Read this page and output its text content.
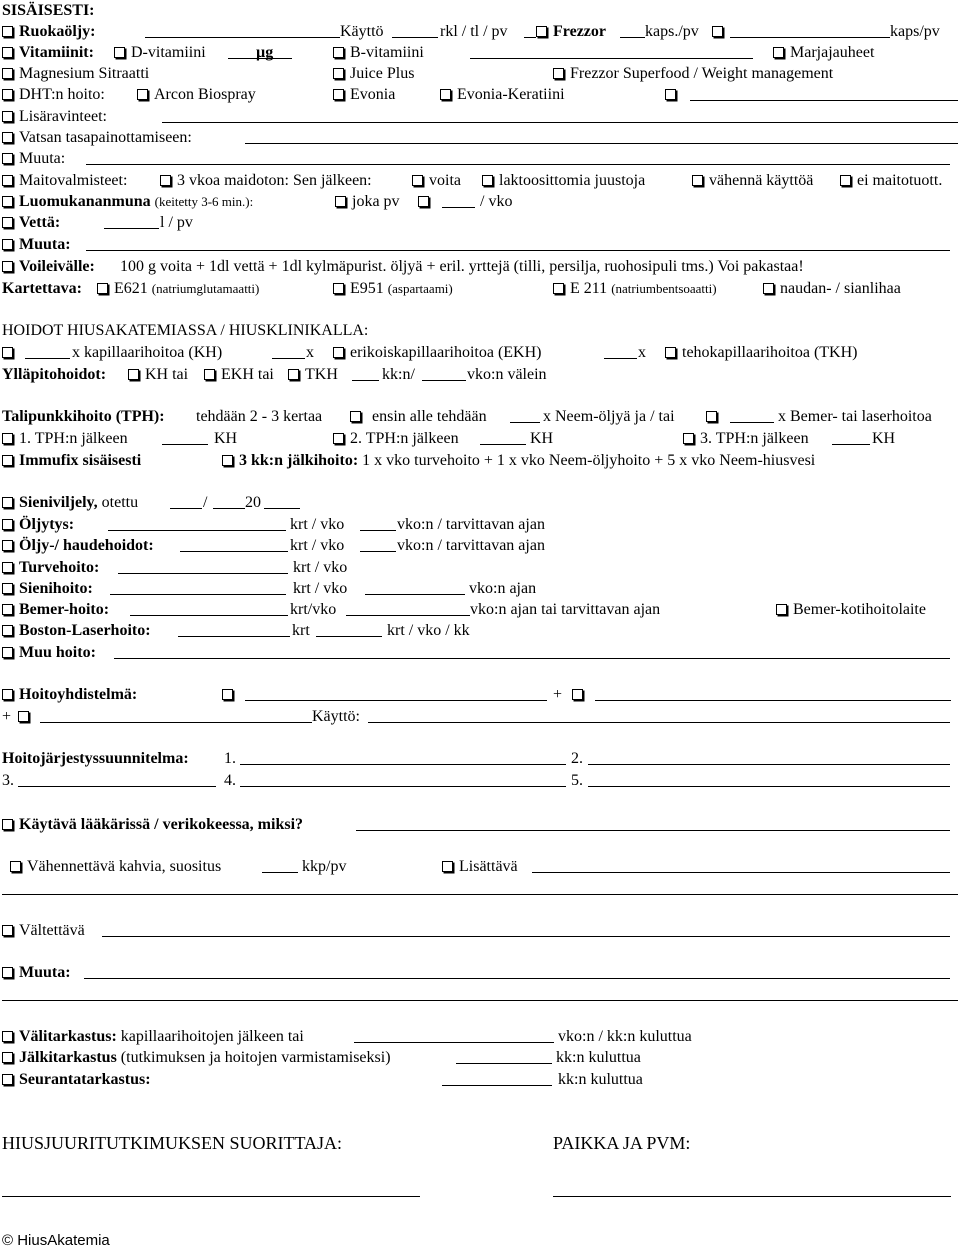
SISÄISESTI:
Ruokaöljy:	Käyttö	rkl / tl / pv	Frezzor kaps./pv	kaps/pv
Vitamiinit:	D-vitamiini	µg	B-vitamiini	Marjajauheet
Magnesium Sitraatti	Juice Plus	Frezzor Superfood / Weight management
DHT:n hoito:	Arcon Biospray	Evonia	Evonia-Keratiini
Lisäravinteet:
Vatsan tasapainottamiseen:
Muuta:
Maitovalmisteet:	3 vkoa maidoton: Sen jälkeen:	voita	laktoosittomia juustoja	vähennä käyttöä	ei maitotuott.
Luomukananmuna (keitetty 3-6 min.):	joka pv	/ vko
Vettä:	l / pv
Muuta:
Voileivälle: 100 g voita + 1dl vettä + 1dl kylmäpurist. öljyä + eril. yrttejä (tilli, persilja, ruohosipuli tms.) Voi pakastaa!
Kartettava:	E621 (natriumglutamaatti)	E951 (aspartaami)	E 211 (natriumbentsoaatti)	naudan- / sianlihaa
HOIDOT HIUSAKATEMIASSA / HIUSKLINIKALLA:
x kapillaarihoitoa (KH)	x	erikoiskapillaarihoitoa (EKH)	x	tehokapillaarihoitoa (TKH)
Ylläpitohoidot:	KH tai	EKH tai	TKH	kk:n/	vko:n välein
Talipunkkihoito (TPH): tehdään 2 - 3 kertaa	ensin alle tehdään	x Neem-öljyä ja / tai	x Bemer- tai laserhoitoa
1. TPH:n jälkeen	KH	2. TPH:n jälkeen	KH	3. TPH:n jälkeen	KH
Immufix sisäisesti	3 kk:n jälkihoito: 1 x vko turvehoito + 1 x vko Neem-öljyhoito + 5 x vko Neem-hiusvesi
Sieniviljely, otettu	/ 20
Öljytys:	krt / vko	vko:n / tarvittavan ajan
Öljy-/ haudehoidot:	krt / vko	vko:n / tarvittavan ajan
Turvehoito:	krt / vko
Sienihoito:	krt / vko	vko:n ajan
Bemer-hoito:	krt/vko	vko:n ajan tai tarvittavan ajan	Bemer-kotihoitolaite
Boston-Laserhoito:	krt	krt / vko / kk
Muu hoito:
Hoitoyhdistelmä:	+
+	Käyttö:
Hoitojärjestyssuunnitelma: 1.	2.
3.	4.	5.
Käytävä lääkärissä / verikokeessa, miksi?
Vähennettävä kahvia, suositus	kkp/pv	Lisättävä
Vältettävä
Muuta:
Välitarkastus: kapillaarihoitojen jälkeen tai	vko:n / kk:n kuluttua
Jälkitarkastus (tutkimuksen ja hoitojen varmistamiseksi)	kk:n kuluttua
Seurantatarkastus:	kk:n kuluttua
HIUSJUURITUTKIMUKSEN SUORITTAJA:	PAIKKA JA PVM:
© HiusAkatemia
